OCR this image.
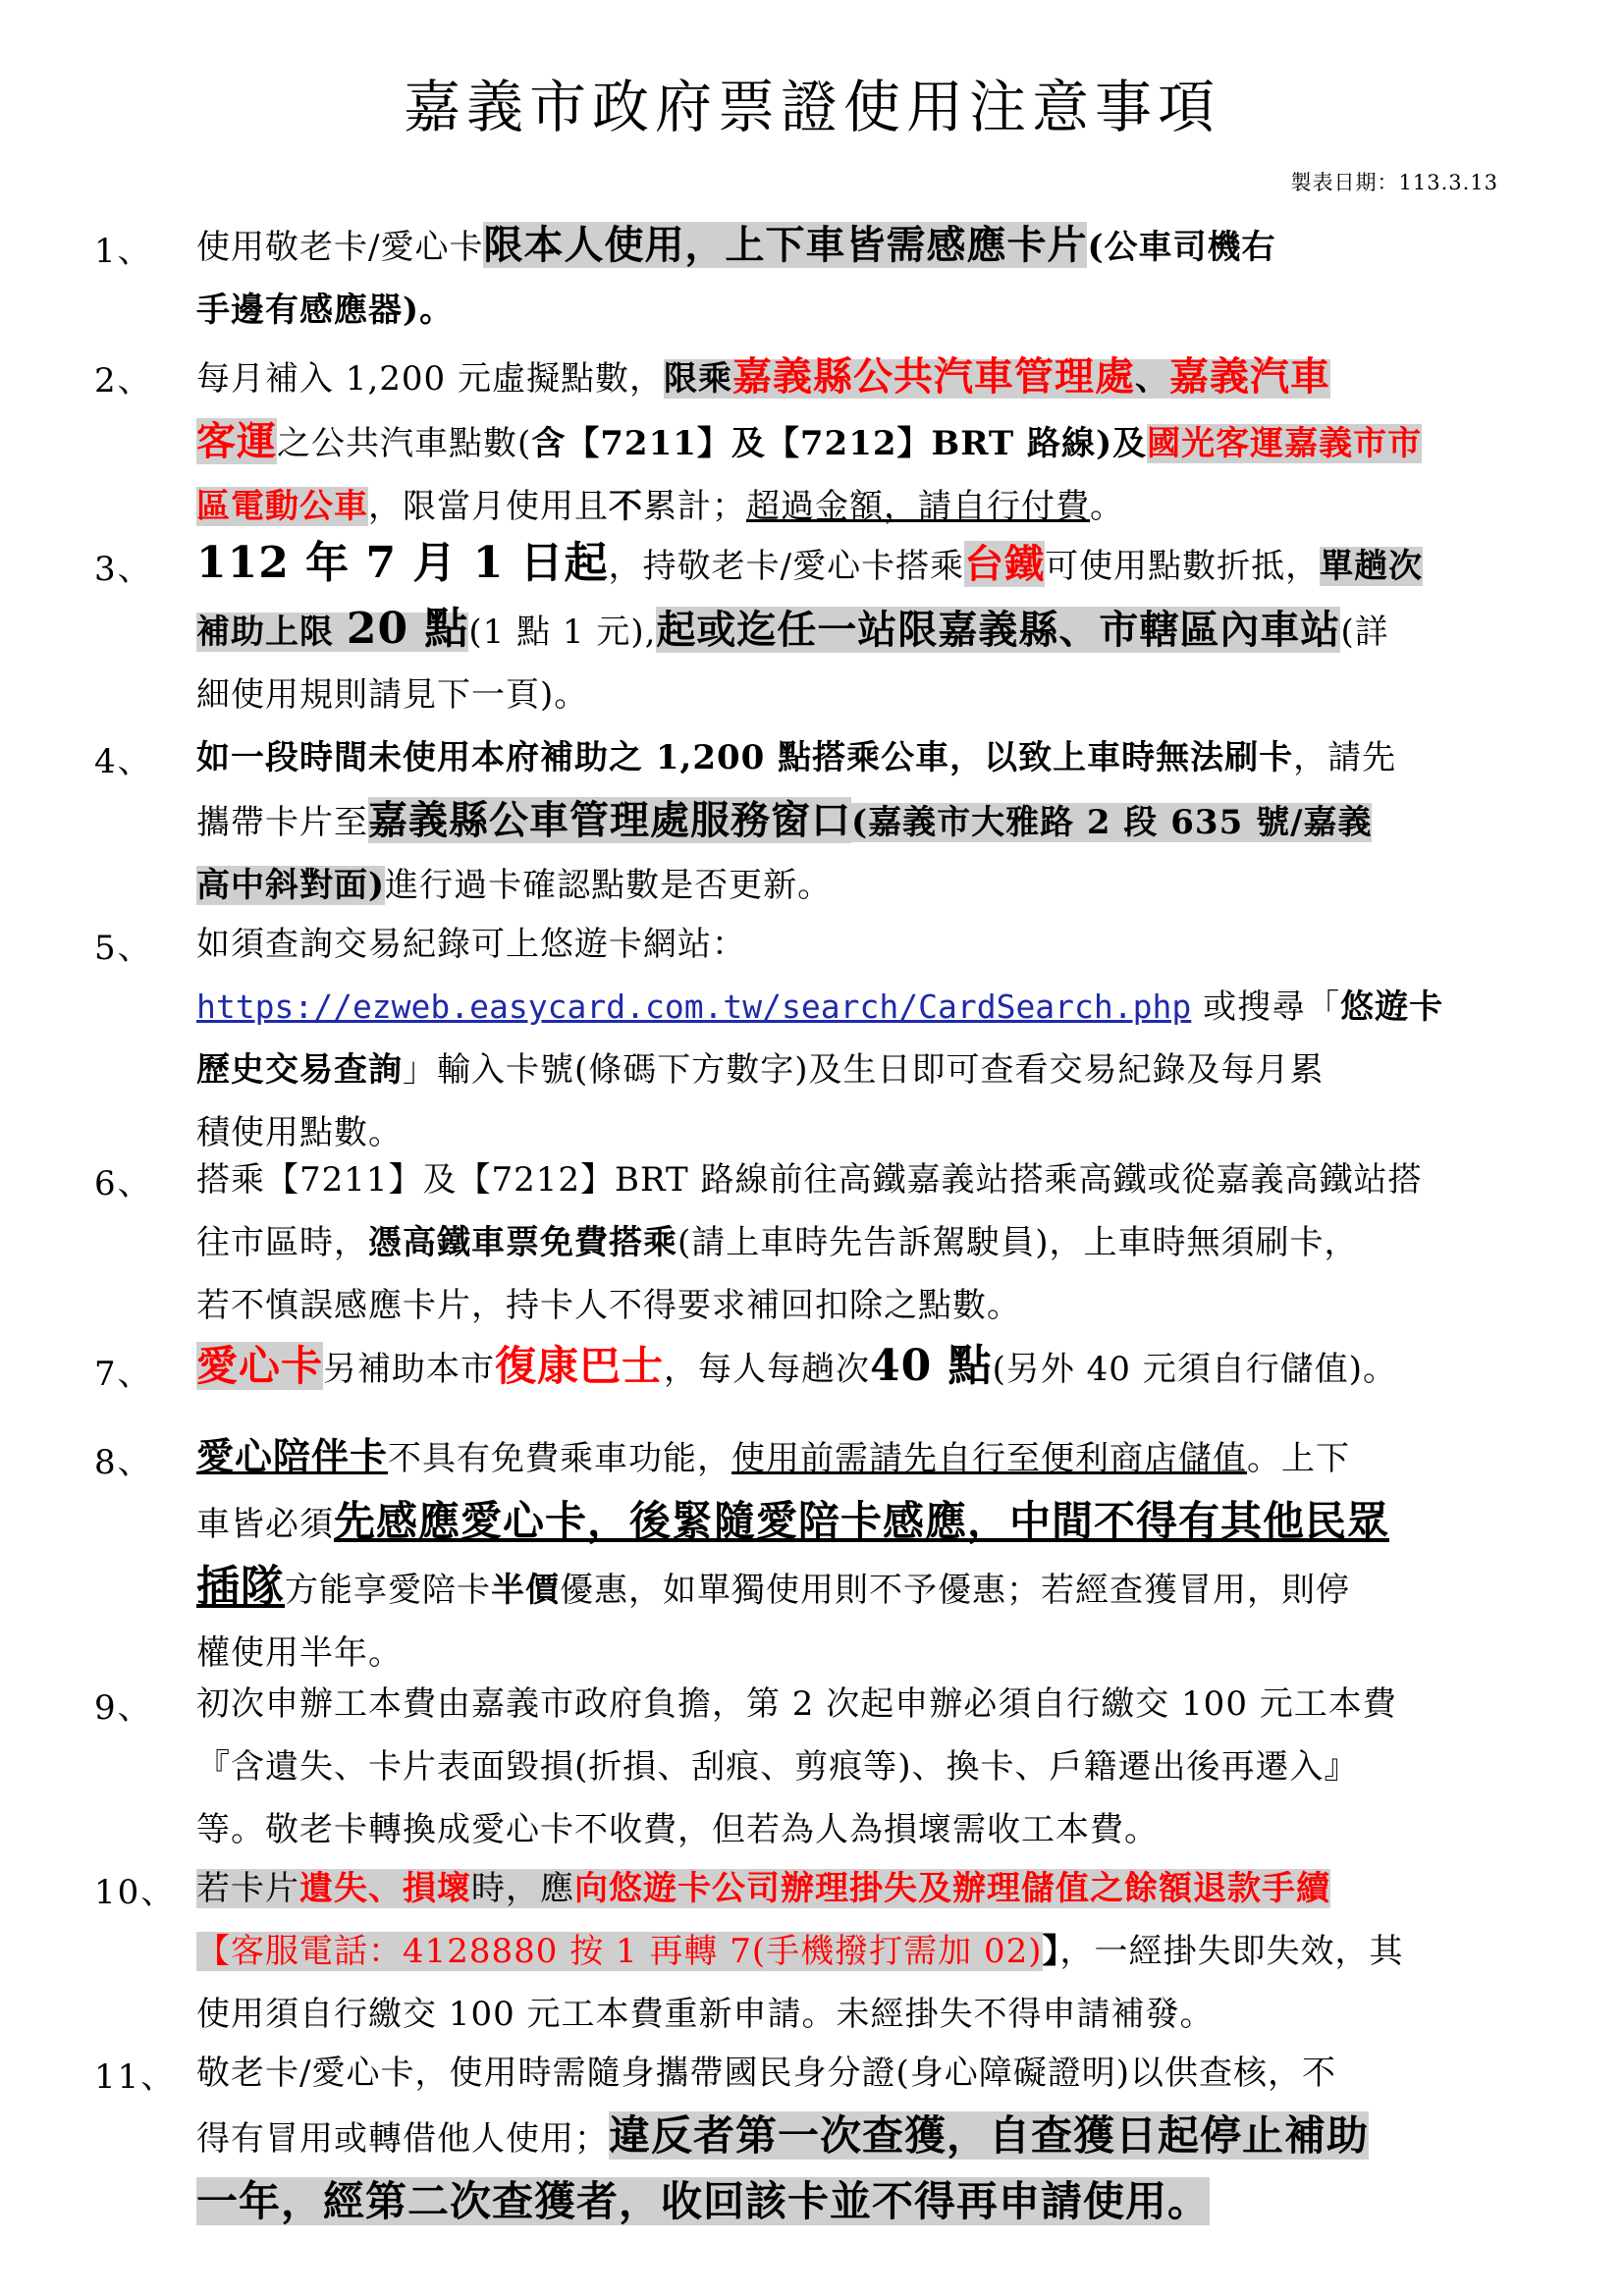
嘉義市政府票證使用注意事項
製表日期：113.3.13
1、	使用敬老卡/愛心卡限本人使用，上下車皆需感應卡片(公車司機右
手邊有感應器)。
2、	每月補入 1,200 元虛擬點數，限乘嘉義縣公共汽車管理處、嘉義汽車
客運之公共汽車點數(含【7211】及【7212】BRT 路線)及國光客運嘉義市市
區電動公車，限當月使用且不累計；超過金額，請自行付費。
3、	112 年 7 月 1 日起，持敬老卡/愛心卡搭乘台鐵可使用點數折抵，單趟次
補助上限 20 點(1 點 1 元),起或迄任一站限嘉義縣、市轄區內車站(詳
細使用規則請見下一頁)。
4、	如一段時間未使用本府補助之 1,200 點搭乘公車，以致上車時無法刷卡，請先
攜帶卡片至嘉義縣公車管理處服務窗口(嘉義市大雅路 2 段 635 號/嘉義
高中斜對面)進行過卡確認點數是否更新。
5、	如須查詢交易紀錄可上悠遊卡網站：
https://ezweb.easycard.com.tw/search/CardSearch.php 或搜尋「悠遊卡
歷史交易查詢」輸入卡號(條碼下方數字)及生日即可查看交易紀錄及每月累
積使用點數。
6、	搭乘【7211】及【7212】BRT 路線前往高鐵嘉義站搭乘高鐵或從嘉義高鐵站搭
往市區時，憑高鐵車票免費搭乘(請上車時先告訴駕駛員)，上車時無須刷卡，
若不慎誤感應卡片，持卡人不得要求補回扣除之點數。
7、	愛心卡另補助本市復康巴士，每人每趟次40 點(另外 40 元須自行儲值)。
8、	愛心陪伴卡不具有免費乘車功能，使用前需請先自行至便利商店儲值。上下
車皆必須先感應愛心卡，後緊隨愛陪卡感應，中間不得有其他民眾
插隊方能享愛陪卡半價優惠，如單獨使用則不予優惠；若經查獲冒用，則停
權使用半年。
9、	初次申辦工本費由嘉義市政府負擔，第 2 次起申辦必須自行繳交 100 元工本費
『含遺失、卡片表面毀損(折損、刮痕、剪痕等)、換卡、戶籍遷出後再遷入』
等。敬老卡轉換成愛心卡不收費，但若為人為損壞需收工本費。
10、 若卡片遺失、損壞時，應向悠遊卡公司辦理掛失及辦理儲值之餘額退款手續
【客服電話：4128880 按 1 再轉 7(手機撥打需加 02)】，一經掛失即失效，其
使用須自行繳交 100 元工本費重新申請。未經掛失不得申請補發。
11、 敬老卡/愛心卡，使用時需隨身攜帶國民身分證(身心障礙證明)以供查核，不
得有冒用或轉借他人使用；違反者第一次查獲，自查獲日起停止補助
一年，經第二次查獲者，收回該卡並不得再申請使用。
